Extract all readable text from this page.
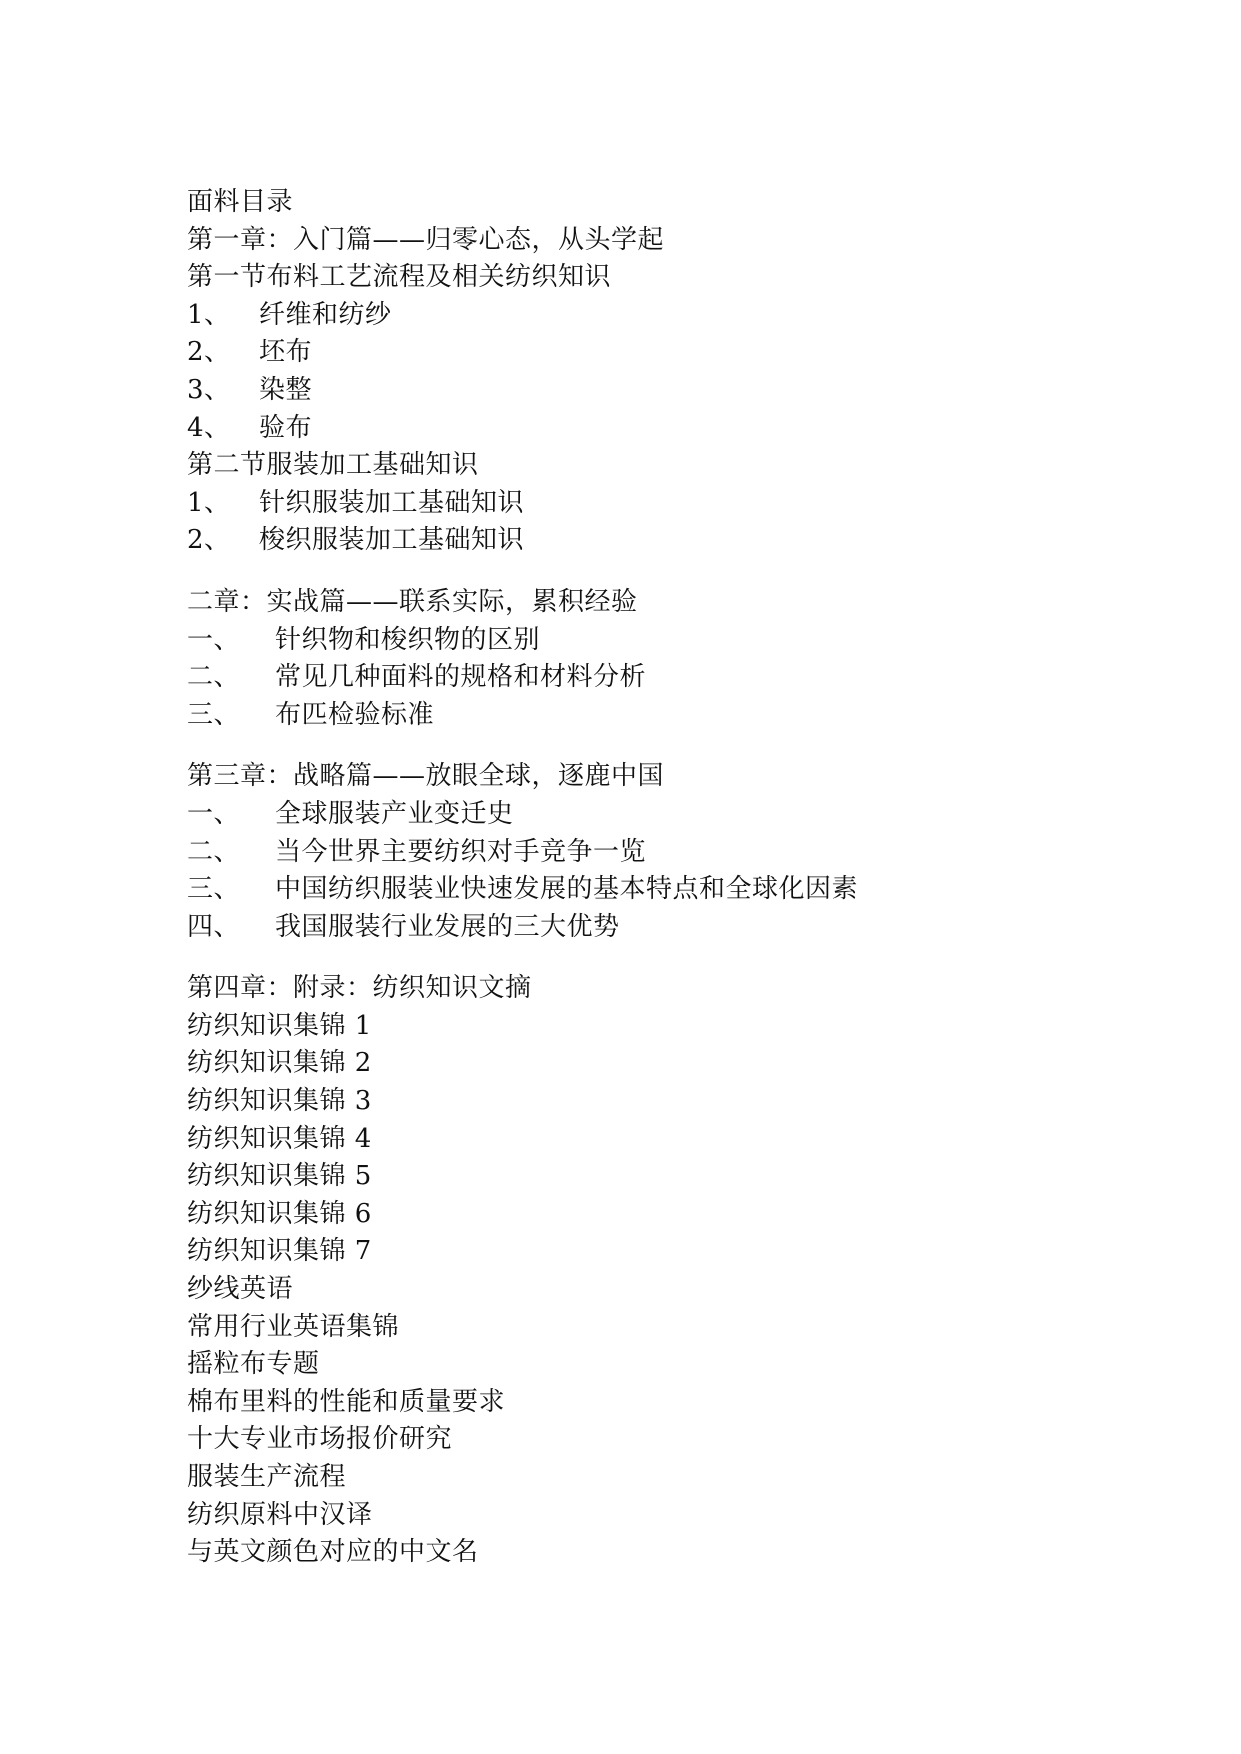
面料目录
第一章：入门篇——归零心态，从头学起
第一节布料工艺流程及相关纺织知识
1、	纤维和纺纱
2、	坯布
3、	染整
4、	验布
第二节服装加工基础知识
1、	针织服装加工基础知识
2、	梭织服装加工基础知识
二章：实战篇——联系实际，累积经验
一、	针织物和梭织物的区别
二、	常见几种面料的规格和材料分析
三、	布匹检验标准
第三章：战略篇——放眼全球，逐鹿中国
一、	全球服装产业变迁史
二、	当今世界主要纺织对手竞争一览
三、	中国纺织服装业快速发展的基本特点和全球化因素
四、	我国服装行业发展的三大优势
第四章：附录：纺织知识文摘
纺织知识集锦 1
纺织知识集锦 2
纺织知识集锦 3
纺织知识集锦 4
纺织知识集锦 5
纺织知识集锦 6
纺织知识集锦 7
纱线英语
常用行业英语集锦
摇粒布专题
棉布里料的性能和质量要求
十大专业市场报价研究
服装生产流程
纺织原料中汉译
与英文颜色对应的中文名
